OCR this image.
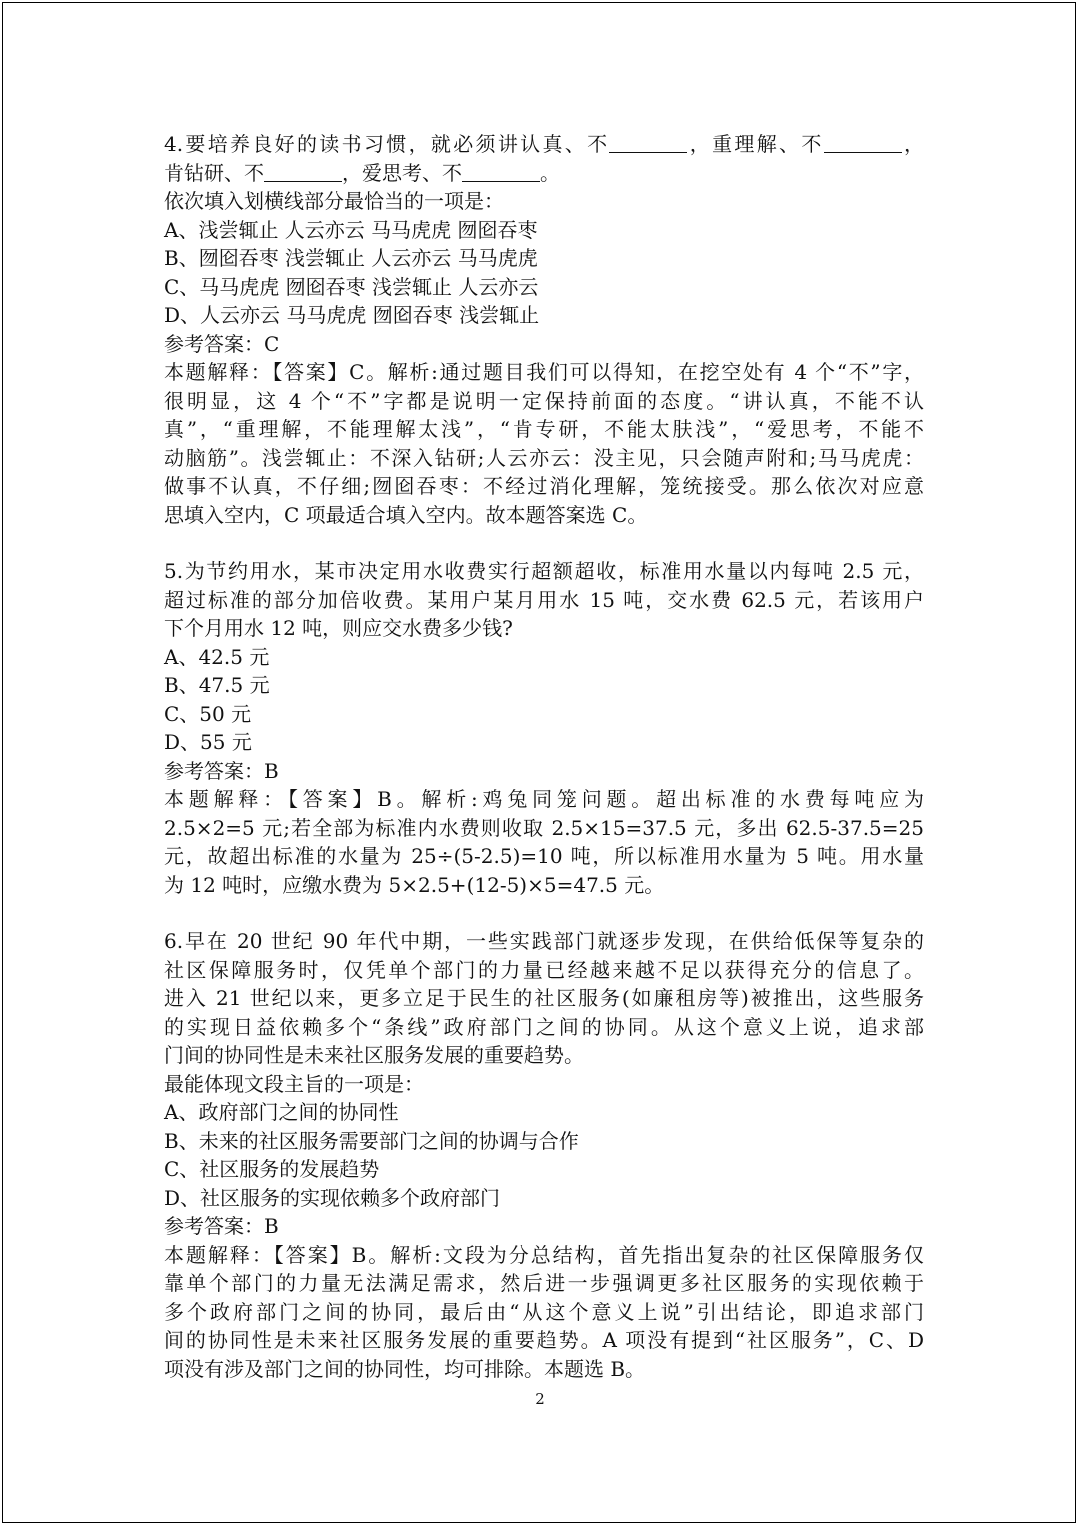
4.要培养良好的读书习惯，就必须讲认真、不	，重理解、不	，
肯钻研、不	，爱思考、不	。
依次填入划横线部分最恰当的一项是：
A、浅尝辄止 人云亦云 马马虎虎 囫囵吞枣
B、囫囵吞枣 浅尝辄止 人云亦云 马马虎虎
C、马马虎虎 囫囵吞枣 浅尝辄止 人云亦云
D、人云亦云 马马虎虎 囫囵吞枣 浅尝辄止
参考答案：C
本题解释：【答案】C。解析:通过题目我们可以得知，在挖空处有 4 个“不”字，
很明显，这 4 个“不”字都是说明一定保持前面的态度。“讲认真，不能不认
真”，“重理解，不能理解太浅”，“肯专研，不能太肤浅”，“爱思考，不能不
动脑筋”。浅尝辄止：不深入钻研;人云亦云：没主见，只会随声附和;马马虎虎：
做事不认真，不仔细;囫囵吞枣：不经过消化理解，笼统接受。那么依次对应意
思填入空内，C 项最适合填入空内。故本题答案选 C。
5.为节约用水，某市决定用水收费实行超额超收，标准用水量以内每吨 2.5 元，
超过标准的部分加倍收费。某用户某月用水 15 吨，交水费 62.5 元，若该用户
下个月用水 12 吨，则应交水费多少钱?
A、42.5 元
B、47.5 元
C、50 元
D、55 元
参考答案：B
本题解释：【答案】B。解析:鸡兔同笼问题。超出标准的水费每吨应为
2.5×2=5 元;若全部为标准内水费则收取 2.5×15=37.5 元，多出 62.5-37.5=25
元，故超出标准的水量为 25÷(5-2.5)=10 吨，所以标准用水量为 5 吨。用水量
为 12 吨时，应缴水费为 5×2.5+(12-5)×5=47.5 元。
6.早在 20 世纪 90 年代中期，一些实践部门就逐步发现，在供给低保等复杂的
社区保障服务时，仅凭单个部门的力量已经越来越不足以获得充分的信息了。
进入 21 世纪以来，更多立足于民生的社区服务(如廉租房等)被推出，这些服务
的实现日益依赖多个“条线”政府部门之间的协同。从这个意义上说，追求部
门间的协同性是未来社区服务发展的重要趋势。
最能体现文段主旨的一项是：
A、政府部门之间的协同性
B、未来的社区服务需要部门之间的协调与合作
C、社区服务的发展趋势
D、社区服务的实现依赖多个政府部门
参考答案：B
本题解释：【答案】B。解析:文段为分总结构，首先指出复杂的社区保障服务仅
靠单个部门的力量无法满足需求，然后进一步强调更多社区服务的实现依赖于
多个政府部门之间的协同，最后由“从这个意义上说”引出结论，即追求部门
间的协同性是未来社区服务发展的重要趋势。A 项没有提到“社区服务”，C、D
项没有涉及部门之间的协同性，均可排除。本题选 B。
2
